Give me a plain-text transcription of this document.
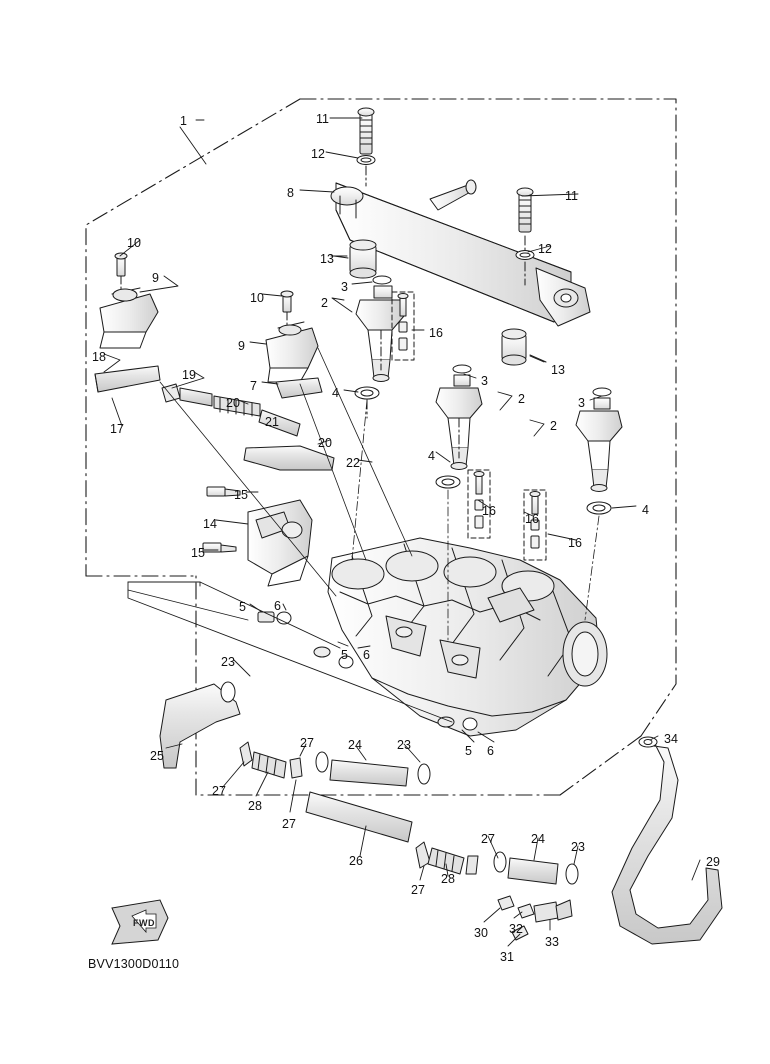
1	11
12
8	11
12
13
10
9
3
2
10
16
13
9
18
7	4
3
19
20
17
2	3
21	2
20
4
22
4
15
16
16
14
16
15
5 6
5 6
23
5 6
34
25
27	24	23
27
28
27
27	24
23
29
26
27
28
30 32
31
33
FWD
BVV1300D0110
